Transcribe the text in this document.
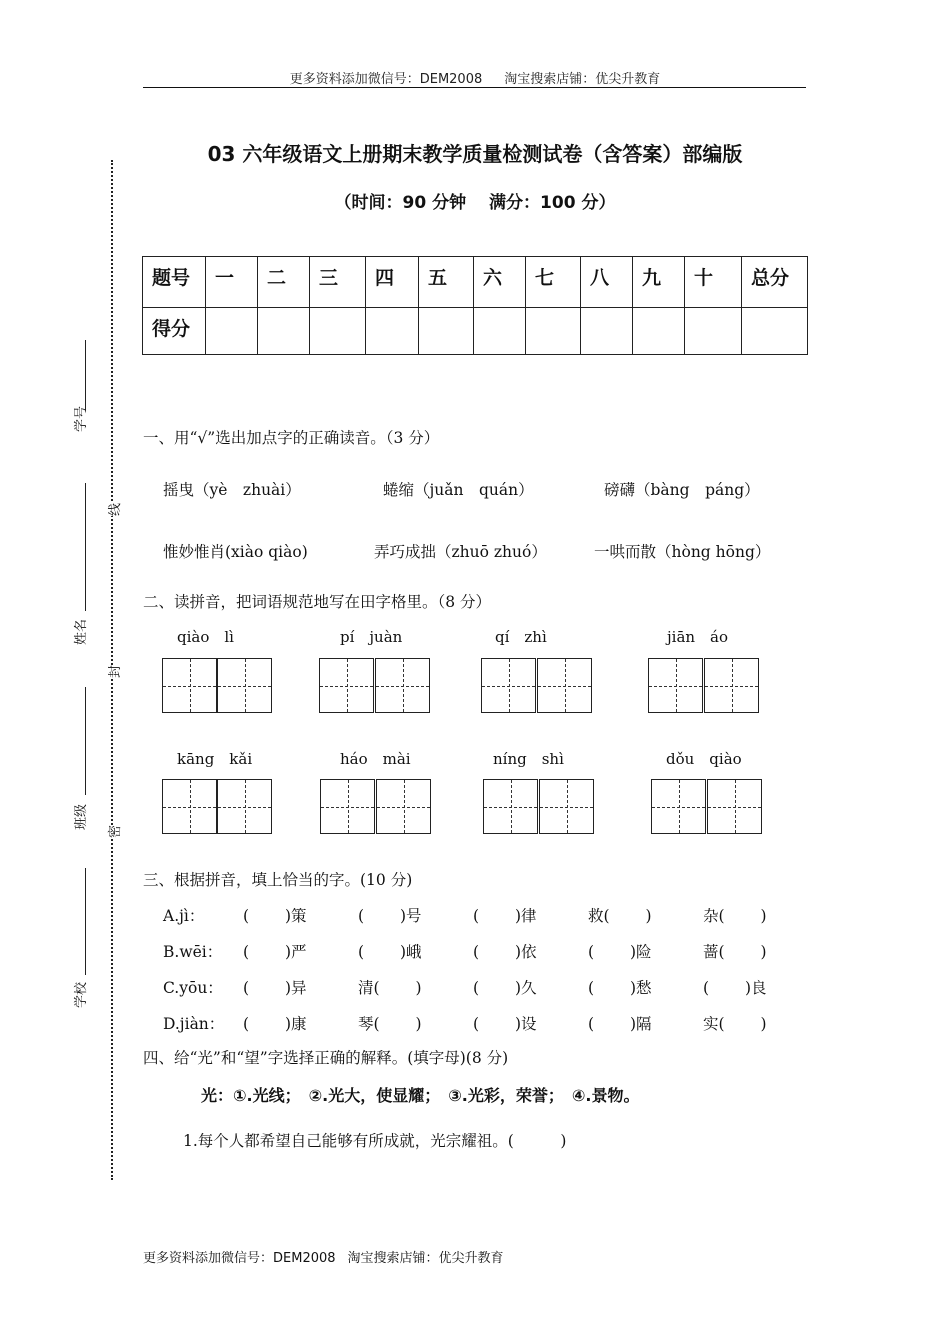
更多资料添加微信号：DEM2008 淘宝搜索店铺：优尖升教育
03 六年级语文上册期末教学质量检测试卷（含答案）部编版
（时间：90 分钟　 满分：100 分）
题号	一	二	三	四	五	六	七	八	九	十	总分
得分											
学号
姓名
班级
学校
线
封
密
一、用“√”选出加点字的正确读音。（3 分）
摇曳（yè　zhuài）	蜷缩（juǎn　quán）	磅礴（bàng　páng）
惟妙惟肖(xiào qiào)	弄巧成拙（zhuō zhuó）	一哄而散（hòng hōng）
二、读拼音，把词语规范地写在田字格里。（8 分）
qiào　lì	pí　juàn	qí　zhì	jiān　áo
kāng　kǎi	háo　mài	níng　shì	dǒu　qiào
三、根据拼音，填上恰当的字。(10 分)
A.jì： (　　 )策	(　　 )号	(　　 )律	救(　　 )	杂(　　 )
B.wēi： (　　 )严	(　　 )峨	(　　 )依	(　　 )险	蔷(　　 )
C.yōu： (　　 )异	清(　　 )	(　　 )久	(　　 )愁	(　　 )良
D.jiàn： (　　 )康	琴(　　 )	(　　 )设	(　　 )隔	实(　　 )
四、给“光”和“望”字选择正确的解释。(填字母)(8 分)
光：①.光线；　②.光大，使显耀；　③.光彩，荣誉；　④.景物。
1.每个人都希望自己能够有所成就，光宗耀祖。(　　　)
更多资料添加微信号：DEM2008 淘宝搜索店铺：优尖升教育
